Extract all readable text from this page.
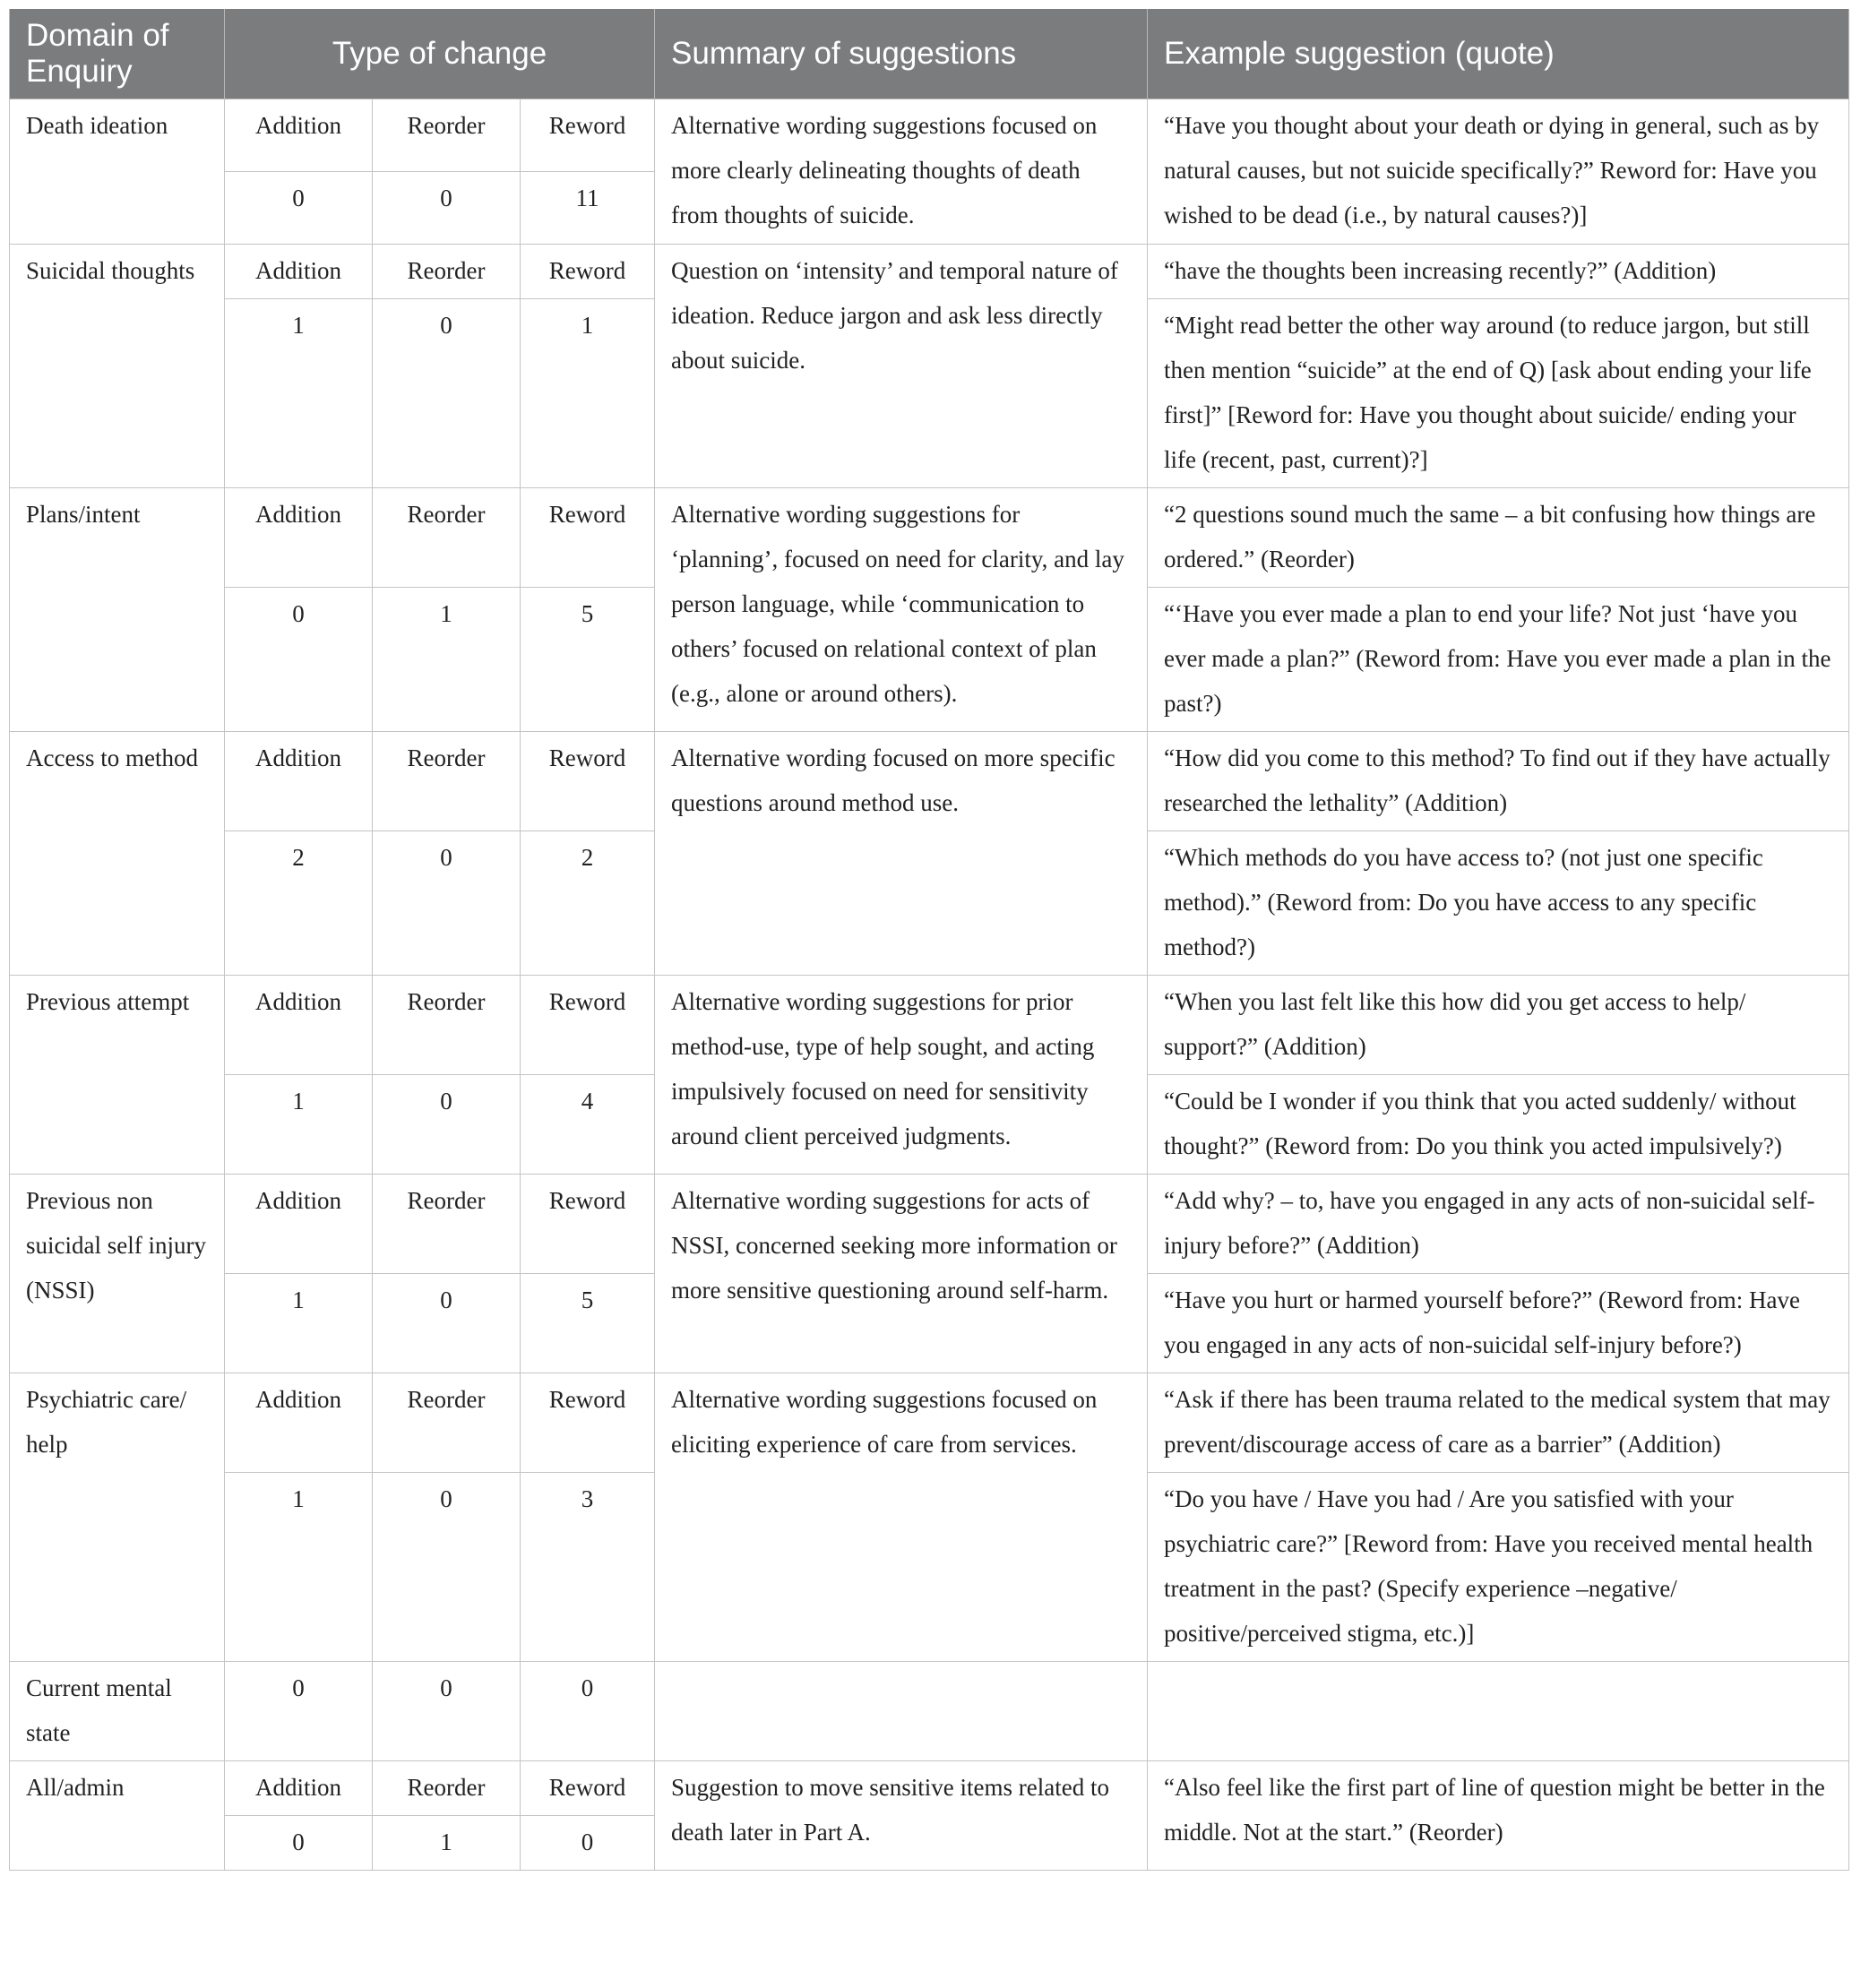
Domain of Enquiry	Type of change			Summary of suggestions	Example suggestion (quote)
Death ideation	Addition	Reorder	Reword	Alternative wording suggestions focused on more clearly delineating thoughts of death from thoughts of suicide.	“Have you thought about your death or dying in general, such as by natural causes, but not suicide specifically?” Reword for: Have you wished to be dead (i.e., by natural causes?)]
	0	0	11		
Suicidal thoughts	Addition	Reorder	Reword	Question on ‘intensity’ and temporal nature of ideation. Reduce jargon and ask less directly about suicide.	“have the thoughts been increasing recently?” (Addition)
	1	0	1		“Might read better the other way around (to reduce jargon, but still then mention “suicide” at the end of Q) [ask about ending your life first]” [Reword for: Have you thought about suicide/ ending your life (recent, past, current)?]
Plans/intent	Addition	Reorder	Reword	Alternative wording suggestions for ‘planning’, focused on need for clarity, and lay person language, while ‘communication to others’ focused on relational context of plan (e.g., alone or around others).	“2 questions sound much the same – a bit confusing how things are ordered.” (Reorder)
	0	1	5		“‘Have you ever made a plan to end your life? Not just ‘have you ever made a plan?” (Reword from: Have you ever made a plan in the past?)
Access to method	Addition	Reorder	Reword	Alternative wording focused on more specific questions around method use.	“How did you come to this method? To find out if they have actually researched the lethality” (Addition)
	2	0	2		“Which methods do you have access to? (not just one specific method).” (Reword from: Do you have access to any specific method?)
Previous attempt	Addition	Reorder	Reword	Alternative wording suggestions for prior method-use, type of help sought, and acting impulsively focused on need for sensitivity around client perceived judgments.	“When you last felt like this how did you get access to help/ support?” (Addition)
	1	0	4		“Could be I wonder if you think that you acted suddenly/ without thought?” (Reword from: Do you think you acted impulsively?)
Previous non suicidal self injury (NSSI)	Addition	Reorder	Reword	Alternative wording suggestions for acts of NSSI, concerned seeking more information or more sensitive questioning around self-harm.	“Add why? – to, have you engaged in any acts of non-suicidal self-injury before?” (Addition)
	1	0	5		“Have you hurt or harmed yourself before?” (Reword from: Have you engaged in any acts of non-suicidal self-injury before?)
Psychiatric care/ help	Addition	Reorder	Reword	Alternative wording suggestions focused on eliciting experience of care from services.	“Ask if there has been trauma related to the medical system that may prevent/discourage access of care as a barrier” (Addition)
	1	0	3		“Do you have / Have you had / Are you satisfied with your psychiatric care?” [Reword from: Have you received mental health treatment in the past? (Specify experience –negative/ positive/perceived stigma, etc.)]
Current mental state	0	0	0		
All/admin	Addition	Reorder	Reword	Suggestion to move sensitive items related to death later in Part A.	“Also feel like the first part of line of question might be better in the middle. Not at the start.” (Reorder)
	0	1	0		
